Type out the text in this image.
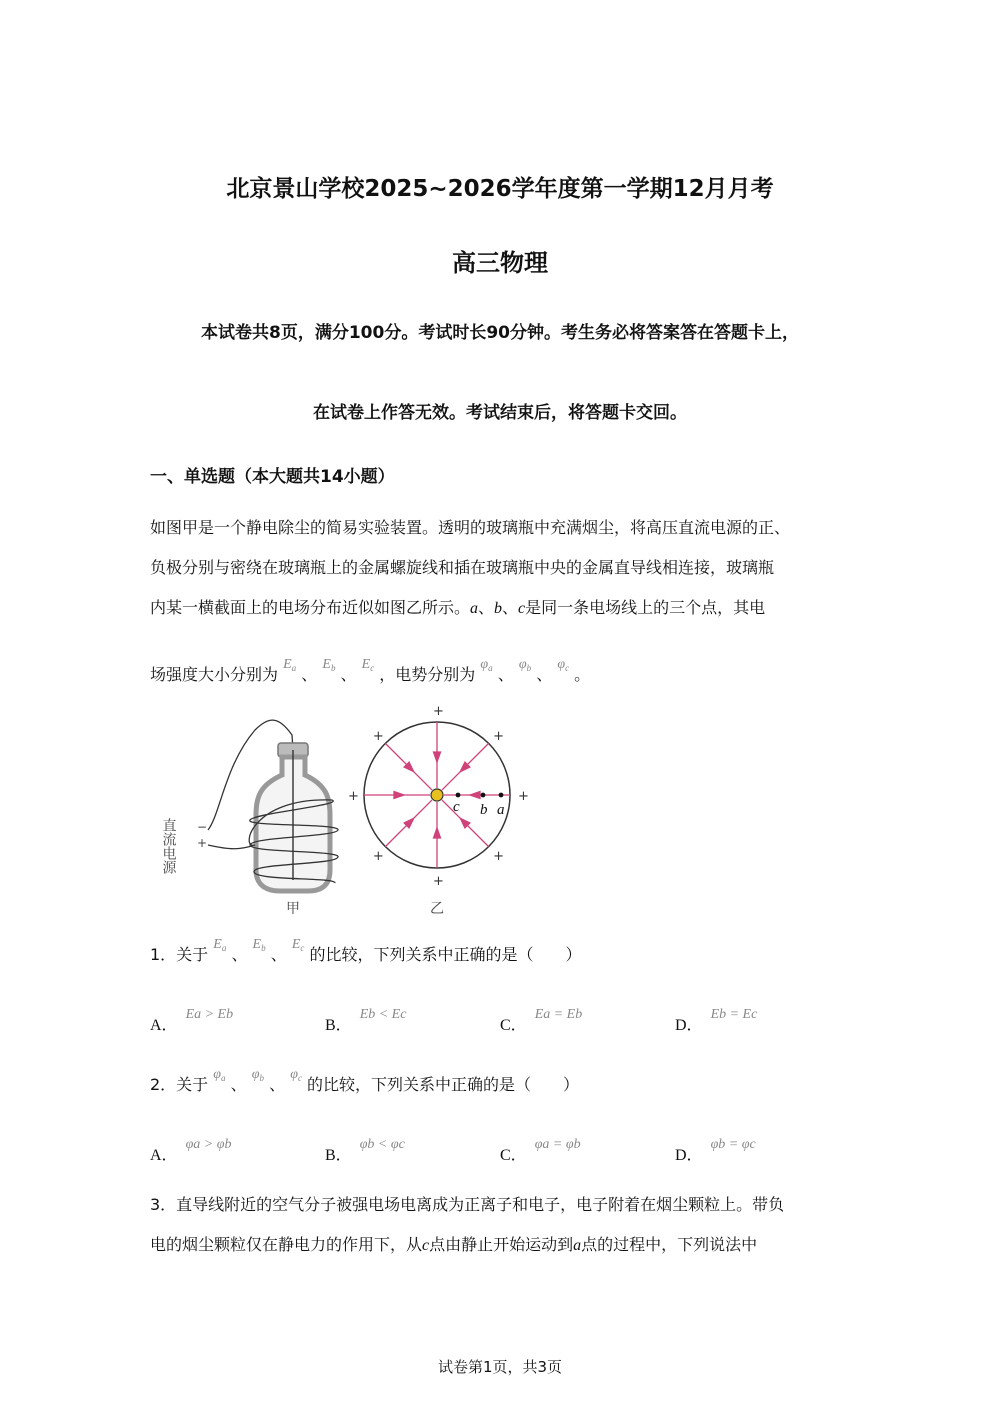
北京景山学校2025~2026学年度第一学期12月月考
高三物理
本试卷共8页，满分100分。考试时长90分钟。考生务必将答案答在答题卡上，
在试卷上作答无效。考试结束后，将答题卡交回。
一、单选题（本大题共14小题）
如图甲是一个静电除尘的简易实验装置。透明的玻璃瓶中充满烟尘，将高压直流电源的正、
负极分别与密绕在玻璃瓶上的金属螺旋线和插在玻璃瓶中央的金属直导线相连接，玻璃瓶
内某一横截面上的电场分布近似如图乙所示。a、b、c是同一条电场线上的三个点，其电
场强度大小分别为 $E_a$ 、 $E_b$ 、 $E_c$ ，电势分别为 $\varphi_a$ 、 $\varphi_b$ 、 $\varphi_c$ 。
直流电源 −
+
甲
+
+
+
+
+
+
+
+
c b a
乙
1．关于 $E_a$ 、 $E_b$ 、 $E_c$ 的比较，下列关系中正确的是（　　）
A．Ea > Eb
B．Eb < Ec
C．Ea = Eb
D．Eb = Ec
2．关于 $\varphi_a$ 、 $\varphi_b$ 、 $\varphi_c$ 的比较，下列关系中正确的是（　　）
A．φa > φb
B．φb < φc
C．φa = φb
D．φb = φc
3．直导线附近的空气分子被强电场电离成为正离子和电子，电子附着在烟尘颗粒上。带负
电的烟尘颗粒仅在静电力的作用下，从c点由静止开始运动到a点的过程中，下列说法中
试卷第1页，共3页
